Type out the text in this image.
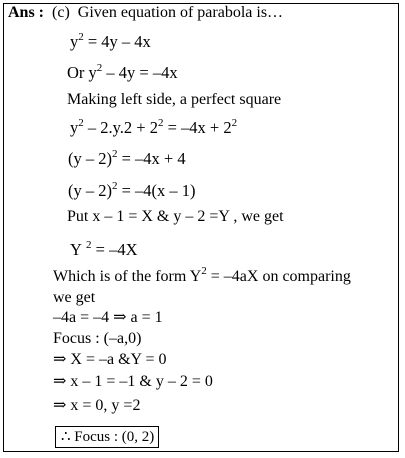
Ans : (c) Given equation of parabola is…
$y^2 = 4y - 4x$
Or $y^2 - 4y = -4x$
Making left side, a perfect square
$y^2 - 2.y.2 + 2^2 = -4x + 2^2$
(y – 2)$^2$ = –4x + 4
(y – 2)$^2$ = –4(x – 1)
Put x – 1 = X & y – 2 =Y , we get
Y $^2$ = –4X
Which is of the form $Y^2 = -4aX$ on comparing
we get
–4a = –4 ⇒ a = 1
Focus : (–a,0)
⇒ X = –a &Y = 0
⇒ x – 1 = –1 & y – 2 = 0
⇒ x = 0, y =2
∴ Focus : (0, 2)
